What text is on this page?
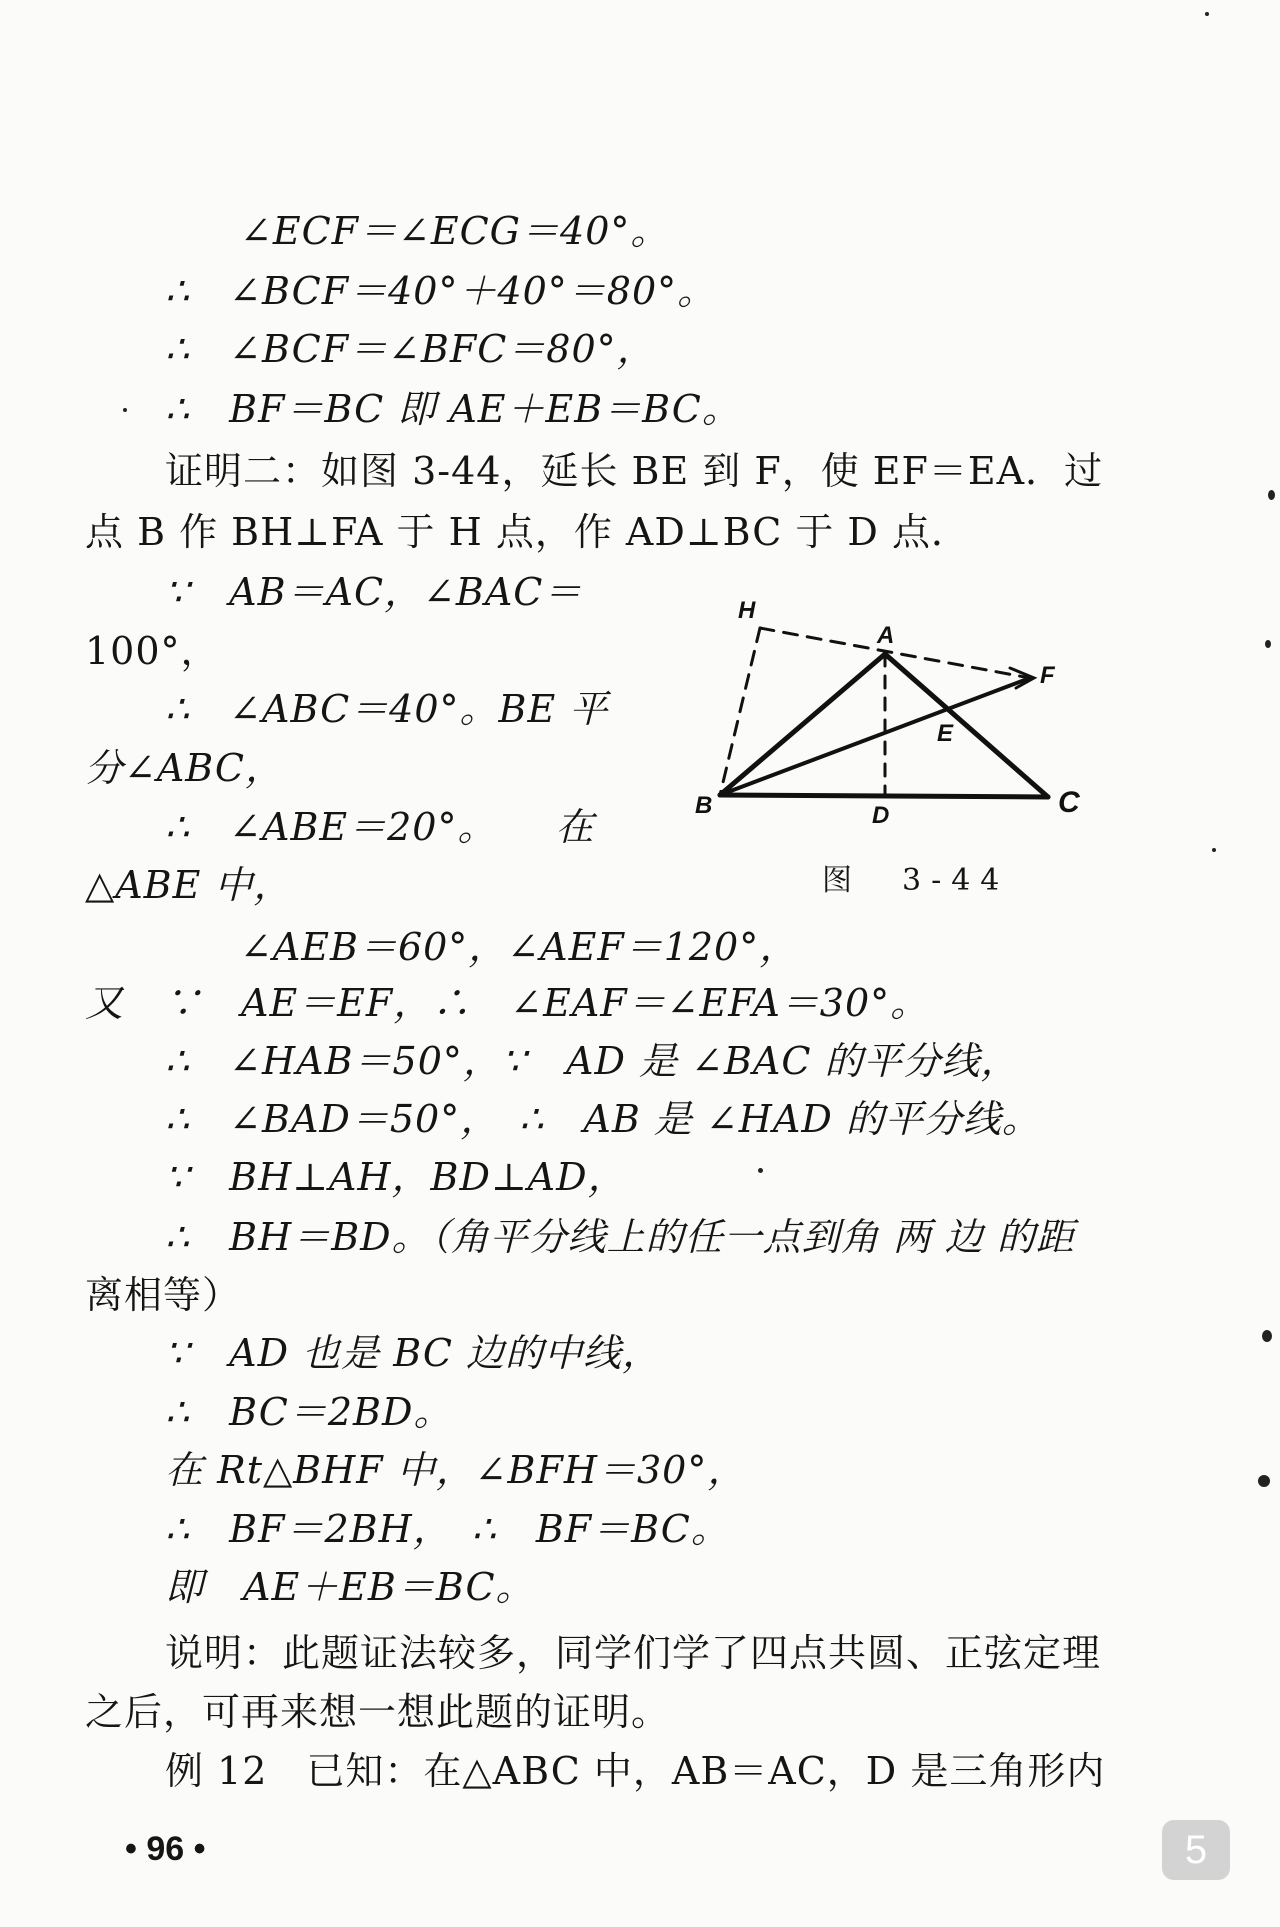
∠ECF＝∠ECG＝40°。
∴　∠BCF＝40°＋40°＝80°。
∴　∠BCF＝∠BFC＝80°，
∴　BF＝BC 即 AE＋EB＝BC。
证明二：如图 3-44，延长 BE 到 F，使 EF＝EA．过
点 B 作 BH⊥FA 于 H 点，作 AD⊥BC 于 D 点．
∵　AB＝AC，∠BAC＝
100°，
∴　∠ABC＝40°。BE 平
分∠ABC，
∴　∠ABE＝20°。　　在
△ABE 中，
∠AEB＝60°，∠AEF＝120°，
又　∵　AE＝EF，∴　∠EAF＝∠EFA＝30°。
∴　∠HAB＝50°，∵　AD 是 ∠BAC 的平分线，
∴　∠BAD＝50°，　∴　AB 是 ∠HAD 的平分线。
∵　BH⊥AH，BD⊥AD，
∴　BH＝BD。（角平分线上的任一点到角 两 边 的距
离相等）
∵　AD 也是 BC 边的中线，
∴　BC＝2BD。
在 Rt△BHF 中，∠BFH＝30°，
∴　BF＝2BH，　∴　BF＝BC。
即　AE＋EB＝BC。
说明：此题证法较多，同学们学了四点共圆、正弦定理
之后，可再来想一想此题的证明。
例 12　已知：在△ABC 中，AB＝AC，D 是三角形内
H
A
F
E
B	D	C
图　3-44
• 96 •	5
